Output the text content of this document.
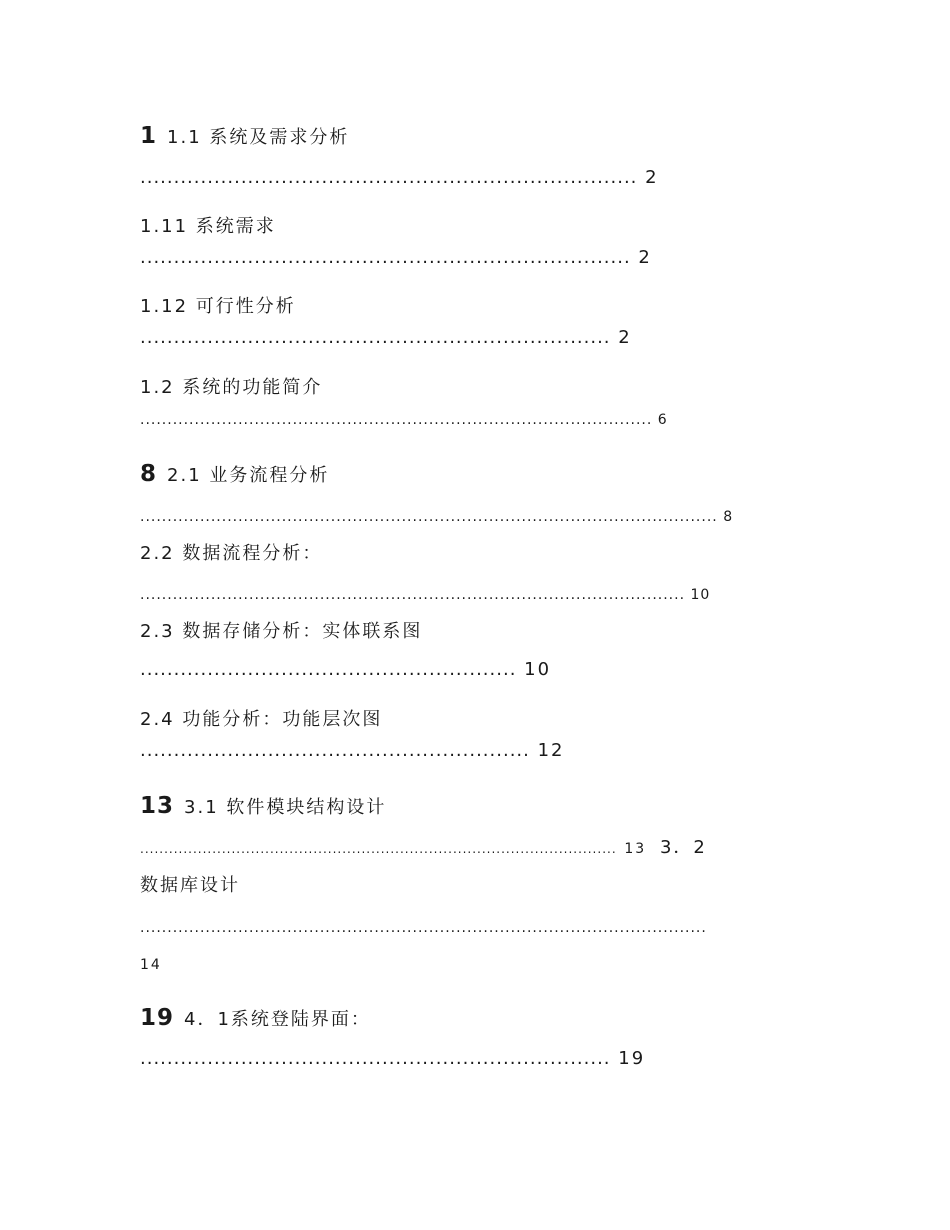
1 1.1 系统及需求分析
.......................................................................... 2
1.11 系统需求
......................................................................... 2
1.12 可行性分析
...................................................................... 2
1.2 系统的功能简介
.............................................................................................. 6
8 2.1 业务流程分析
.......................................................................................................... 8
2.2 数据流程分析：
.................................................................................................... 10
2.3 数据存储分析：实体联系图
........................................................ 10
2.4 功能分析：功能层次图
.......................................................... 12
13 3.1 软件模块结构设计
................................................................................................... 13 3．2
数据库设计
........................................................................................................
14
19 4．1系统登陆界面：
...................................................................... 19
